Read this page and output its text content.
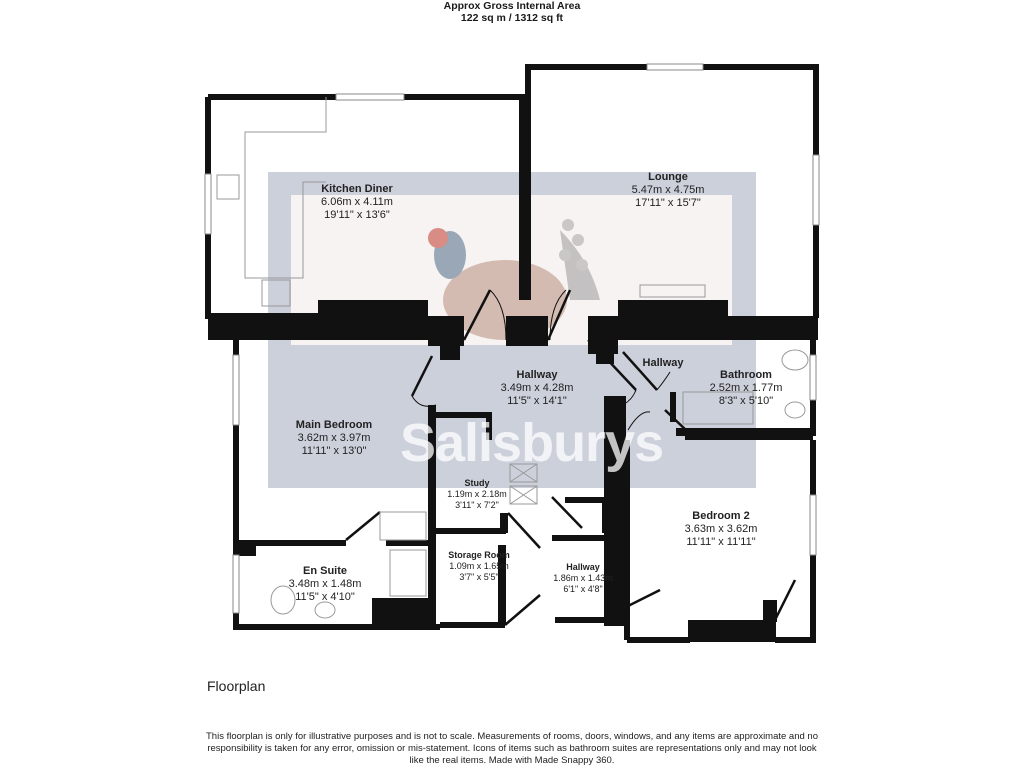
Approx Gross Internal Area
122 sq m / 1312 sq ft
Salisburys
Kitchen Diner
6.06m x 4.11m
19'11" x 13'6"
Lounge
5.47m x 4.75m
17'11" x 15'7"
Hallway
3.49m x 4.28m
11'5" x 14'1"
Hallway
Bathroom
2.52m x 1.77m
8'3" x 5'10"
Main Bedroom
3.62m x 3.97m
11'11" x 13'0"
Study
1.19m x 2.18m
3'11" x 7'2"
Bedroom 2
3.63m x 3.62m
11'11" x 11'11"
En Suite
3.48m x 1.48m
11'5" x 4'10"
Storage Room
1.09m x 1.65m
3'7" x 5'5"
Hallway
1.86m x 1.43m
6'1" x 4'8"
Floorplan
This floorplan is only for illustrative purposes and is not to scale. Measurements of rooms, doors, windows, and any items are approximate and no responsibility is taken for any error, omission or mis-statement. Icons of items such as bathroom suites are representations only and may not look like the real items. Made with Made Snappy 360.
